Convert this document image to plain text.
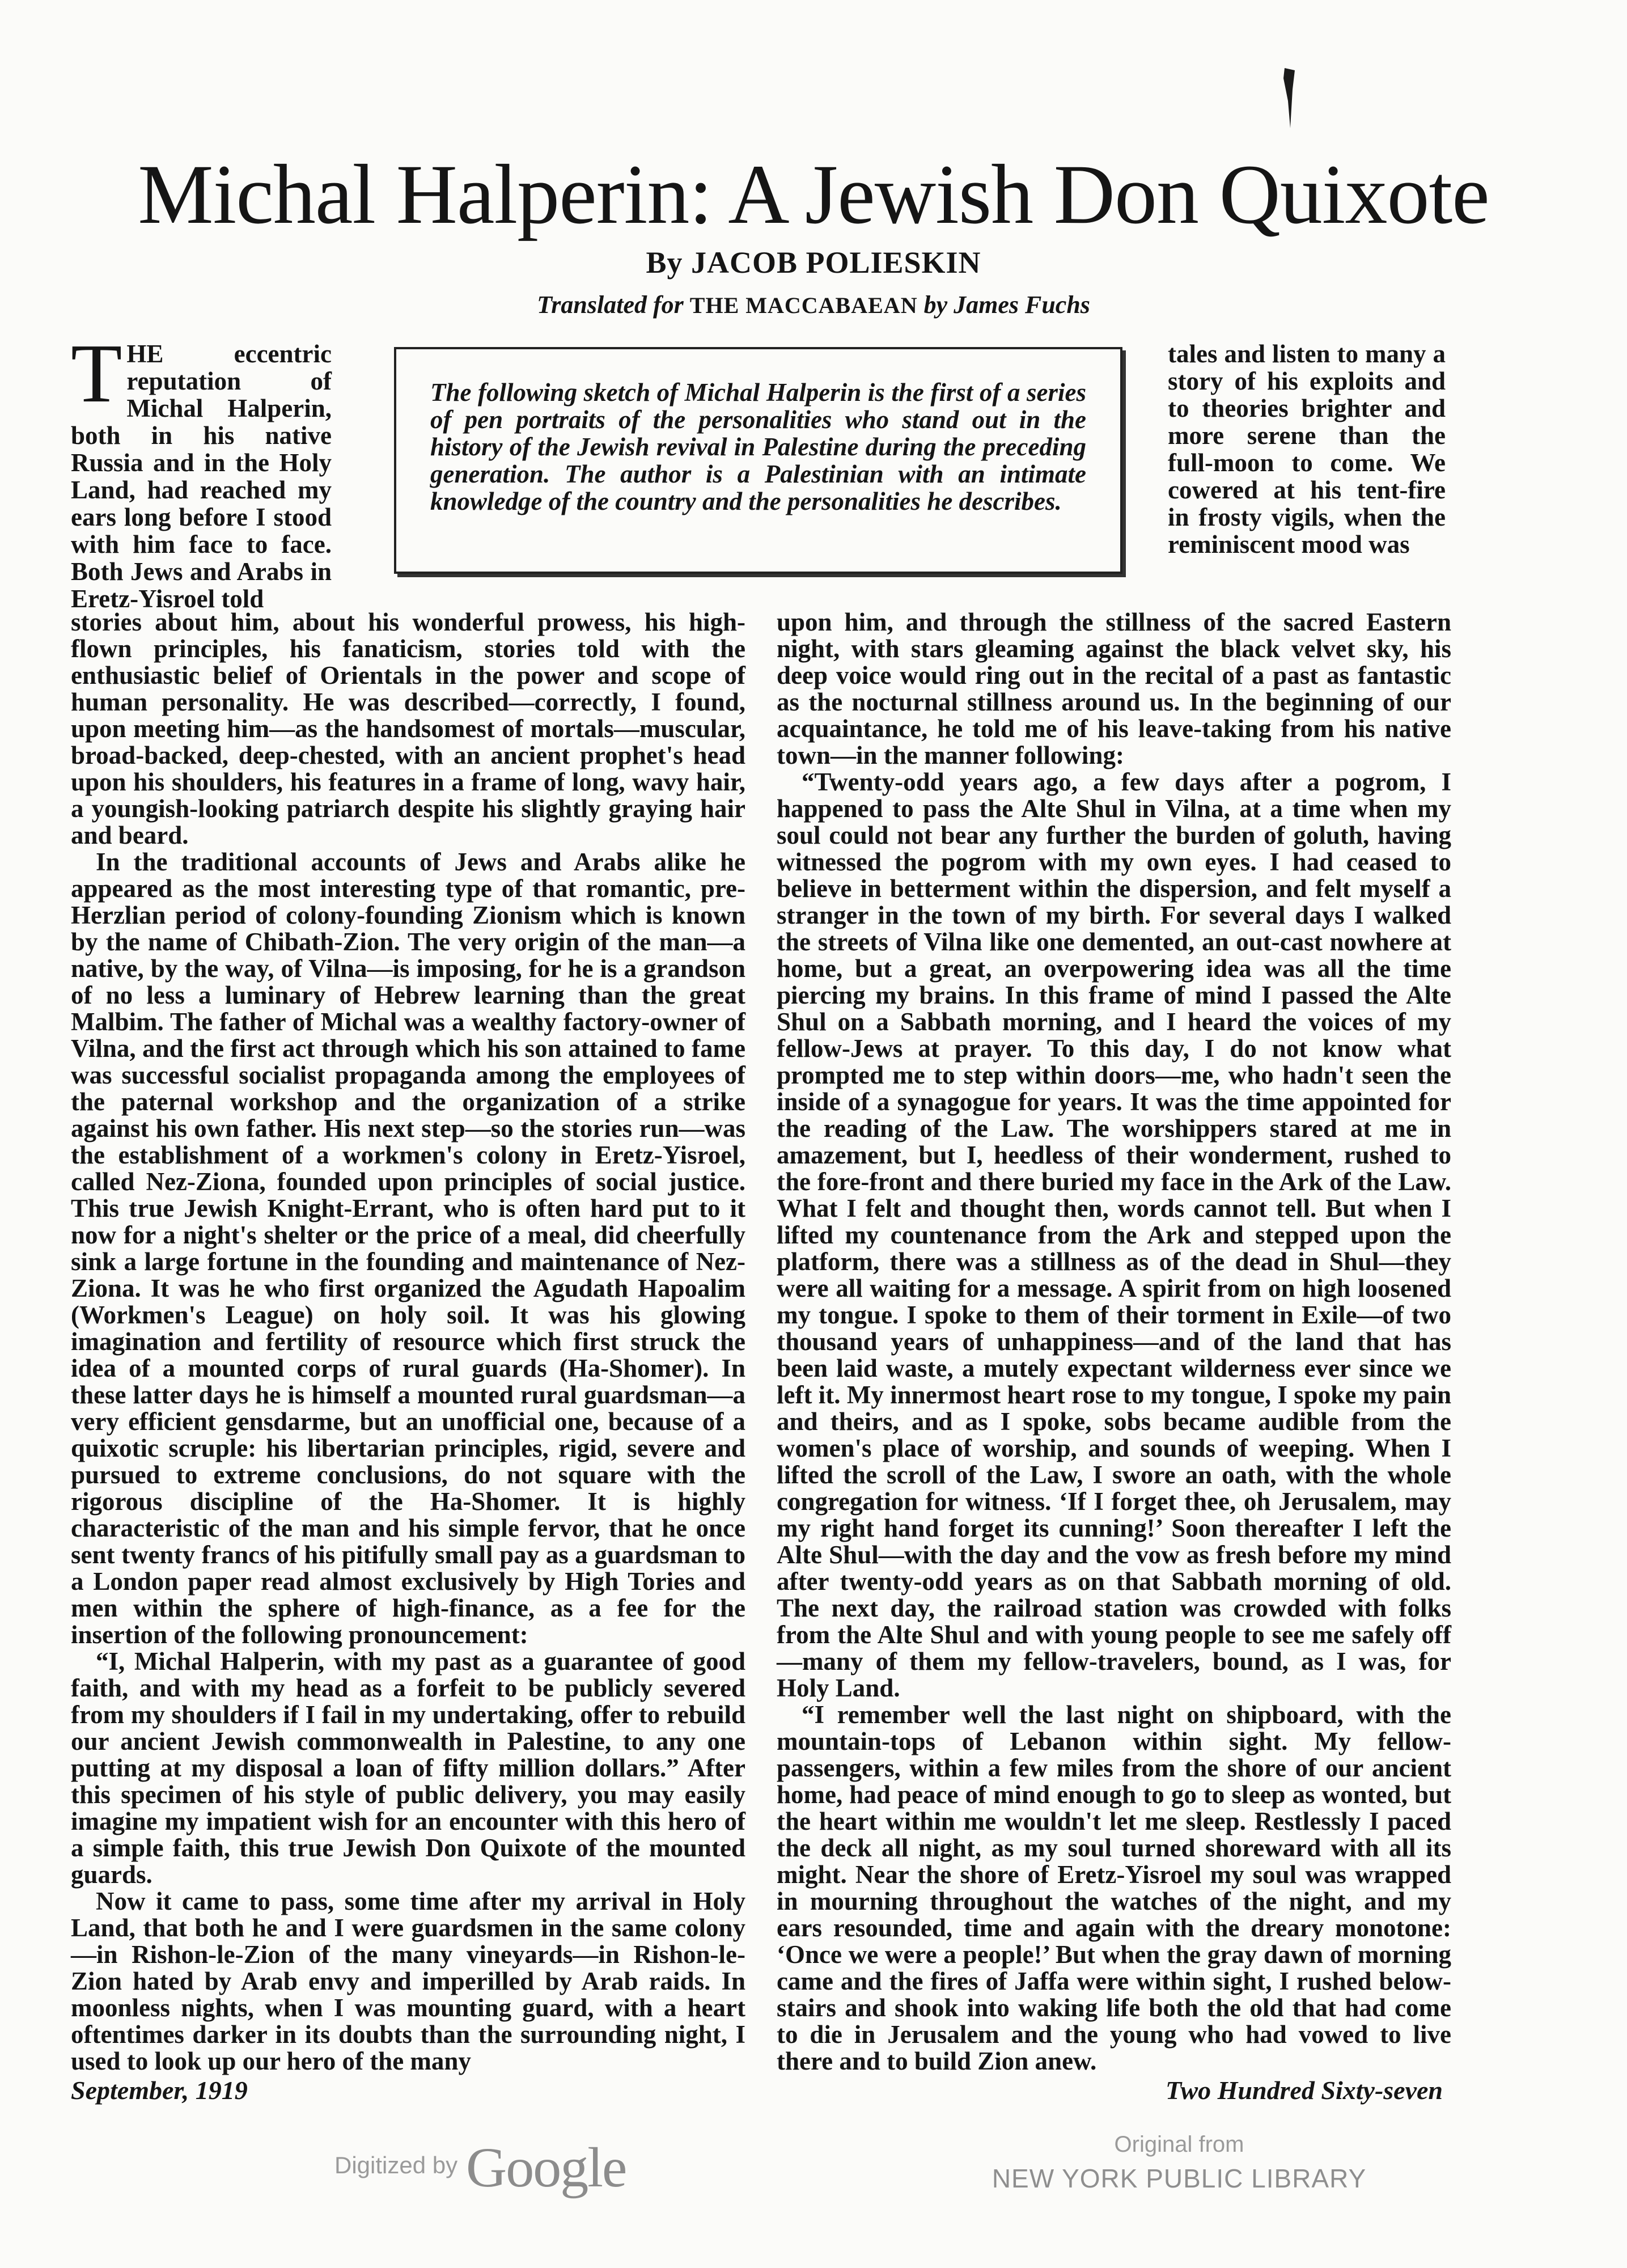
Michal Halperin: A Jewish Don Quixote
By JACOB POLIESKIN
Translated for THE MACCABAEAN by James Fuchs

THE eccentric reputation of Michal Halperin, both in his native Russia and in the Holy Land, had reached my ears long before I stood with him face to face. Both Jews and Arabs in Eretz-Yisroel told

The following sketch of Michal Halperin is the first of a series of pen portraits of the personalities who stand out in the history of the Jewish revival in Palestine during the preceding generation. The author is a Palestinian with an intimate knowledge of the country and the personalities he describes.

tales and listen to many a story of his exploits and to theories brighter and more serene than the full-moon to come. We cowered at his tent-fire in frosty vigils, when the reminiscent mood was

stories about him, about his wonderful prowess, his high-flown principles, his fanaticism, stories told with the enthusiastic belief of Orientals in the power and scope of human personality. He was described—correctly, I found, upon meeting him—as the handsomest of mortals—muscular, broad-backed, deep-chested, with an ancient prophet's head upon his shoulders, his features in a frame of long, wavy hair, a youngish-looking patriarch despite his slightly graying hair and beard.

In the traditional accounts of Jews and Arabs alike he appeared as the most interesting type of that romantic, pre-Herzlian period of colony-founding Zionism which is known by the name of Chibath-Zion. The very origin of the man—a native, by the way, of Vilna—is imposing, for he is a grandson of no less a luminary of Hebrew learning than the great Malbim. The father of Michal was a wealthy factory-owner of Vilna, and the first act through which his son attained to fame was successful socialist propaganda among the employees of the paternal workshop and the organization of a strike against his own father. His next step—so the stories run—was the establishment of a workmen's colony in Eretz-Yisroel, called Nez-Ziona, founded upon principles of social justice. This true Jewish Knight-Errant, who is often hard put to it now for a night's shelter or the price of a meal, did cheerfully sink a large fortune in the founding and maintenance of Nez-Ziona. It was he who first organized the Agudath Hapoalim (Workmen's League) on holy soil. It was his glowing imagination and fertility of resource which first struck the idea of a mounted corps of rural guards (Ha-Shomer). In these latter days he is himself a mounted rural guardsman—a very efficient gensdarme, but an unofficial one, because of a quixotic scruple: his libertarian principles, rigid, severe and pursued to extreme conclusions, do not square with the rigorous discipline of the Ha-Shomer. It is highly characteristic of the man and his simple fervor, that he once sent twenty francs of his pitifully small pay as a guardsman to a London paper read almost exclusively by High Tories and men within the sphere of high-finance, as a fee for the insertion of the following pronouncement:

“I, Michal Halperin, with my past as a guarantee of good faith, and with my head as a forfeit to be publicly severed from my shoulders if I fail in my undertaking, offer to rebuild our ancient Jewish commonwealth in Palestine, to any one putting at my disposal a loan of fifty million dollars.” After this specimen of his style of public delivery, you may easily imagine my impatient wish for an encounter with this hero of a simple faith, this true Jewish Don Quixote of the mounted guards.

Now it came to pass, some time after my arrival in Holy Land, that both he and I were guardsmen in the same colony—in Rishon-le-Zion of the many vineyards—in Rishon-le-Zion hated by Arab envy and imperilled by Arab raids. In moonless nights, when I was mounting guard, with a heart oftentimes darker in its doubts than the surrounding night, I used to look up our hero of the many

upon him, and through the stillness of the sacred Eastern night, with stars gleaming against the black velvet sky, his deep voice would ring out in the recital of a past as fantastic as the nocturnal stillness around us. In the beginning of our acquaintance, he told me of his leave-taking from his native town—in the manner following:

“Twenty-odd years ago, a few days after a pogrom, I happened to pass the Alte Shul in Vilna, at a time when my soul could not bear any further the burden of goluth, having witnessed the pogrom with my own eyes. I had ceased to believe in betterment within the dispersion, and felt myself a stranger in the town of my birth. For several days I walked the streets of Vilna like one demented, an out-cast nowhere at home, but a great, an overpowering idea was all the time piercing my brains. In this frame of mind I passed the Alte Shul on a Sabbath morning, and I heard the voices of my fellow-Jews at prayer. To this day, I do not know what prompted me to step within doors—me, who hadn't seen the inside of a synagogue for years. It was the time appointed for the reading of the Law. The worshippers stared at me in amazement, but I, heedless of their wonderment, rushed to the fore-front and there buried my face in the Ark of the Law. What I felt and thought then, words cannot tell. But when I lifted my countenance from the Ark and stepped upon the platform, there was a stillness as of the dead in Shul—they were all waiting for a message. A spirit from on high loosened my tongue. I spoke to them of their torment in Exile—of two thousand years of unhappiness—and of the land that has been laid waste, a mutely expectant wilderness ever since we left it. My innermost heart rose to my tongue, I spoke my pain and theirs, and as I spoke, sobs became audible from the women's place of worship, and sounds of weeping. When I lifted the scroll of the Law, I swore an oath, with the whole congregation for witness. ‘If I forget thee, oh Jerusalem, may my right hand forget its cunning!’ Soon thereafter I left the Alte Shul—with the day and the vow as fresh before my mind after twenty-odd years as on that Sabbath morning of old. The next day, the railroad station was crowded with folks from the Alte Shul and with young people to see me safely off—many of them my fellow-travelers, bound, as I was, for Holy Land.

“I remember well the last night on shipboard, with the mountain-tops of Lebanon within sight. My fellow-passengers, within a few miles from the shore of our ancient home, had peace of mind enough to go to sleep as wonted, but the heart within me wouldn't let me sleep. Restlessly I paced the deck all night, as my soul turned shoreward with all its might. Near the shore of Eretz-Yisroel my soul was wrapped in mourning throughout the watches of the night, and my ears resounded, time and again with the dreary monotone: ‘Once we were a people!’ But when the gray dawn of morning came and the fires of Jaffa were within sight, I rushed below-stairs and shook into waking life both the old that had come to die in Jerusalem and the young who had vowed to live there and to build Zion anew.

September, 1919	Two Hundred Sixty-seven
Digitized by Google	Original from
NEW YORK PUBLIC LIBRARY
